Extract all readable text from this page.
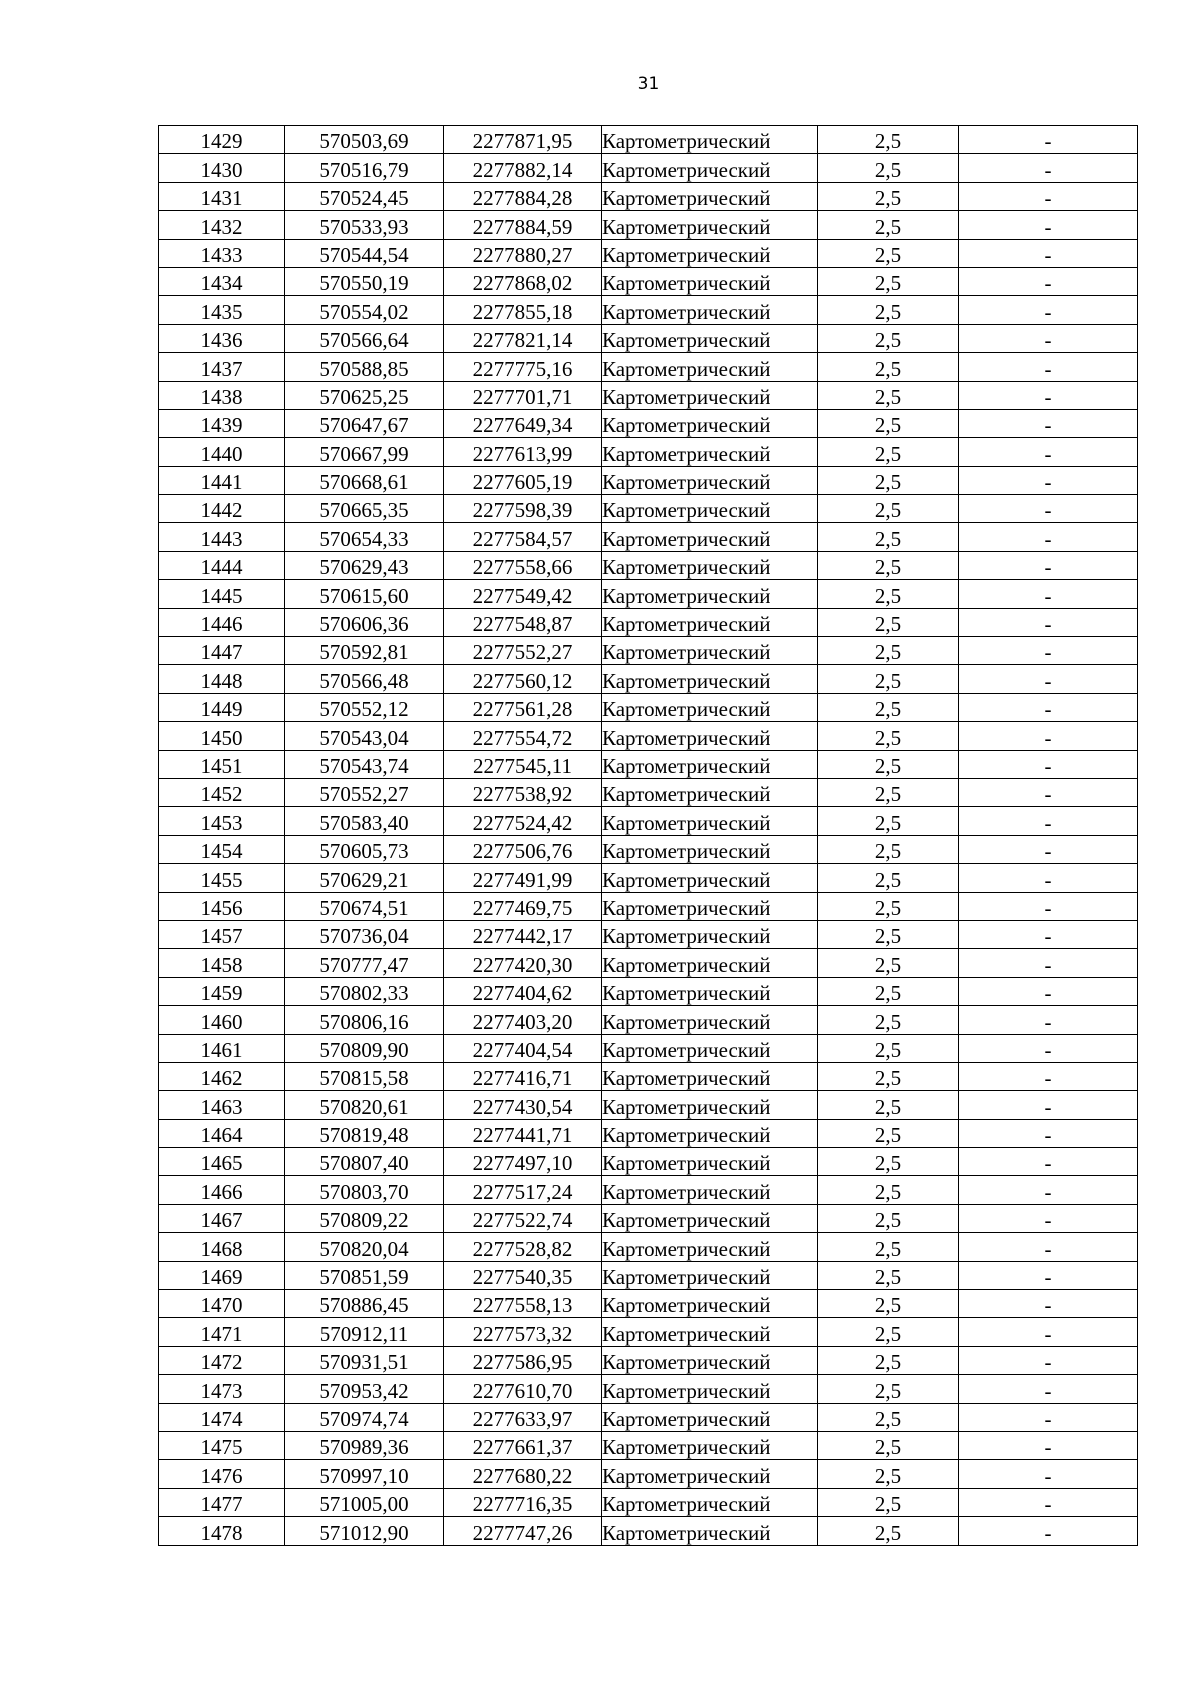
31
1429	570503,69	2277871,95	Картометрический	2,5	-
1430	570516,79	2277882,14	Картометрический	2,5	-
1431	570524,45	2277884,28	Картометрический	2,5	-
1432	570533,93	2277884,59	Картометрический	2,5	-
1433	570544,54	2277880,27	Картометрический	2,5	-
1434	570550,19	2277868,02	Картометрический	2,5	-
1435	570554,02	2277855,18	Картометрический	2,5	-
1436	570566,64	2277821,14	Картометрический	2,5	-
1437	570588,85	2277775,16	Картометрический	2,5	-
1438	570625,25	2277701,71	Картометрический	2,5	-
1439	570647,67	2277649,34	Картометрический	2,5	-
1440	570667,99	2277613,99	Картометрический	2,5	-
1441	570668,61	2277605,19	Картометрический	2,5	-
1442	570665,35	2277598,39	Картометрический	2,5	-
1443	570654,33	2277584,57	Картометрический	2,5	-
1444	570629,43	2277558,66	Картометрический	2,5	-
1445	570615,60	2277549,42	Картометрический	2,5	-
1446	570606,36	2277548,87	Картометрический	2,5	-
1447	570592,81	2277552,27	Картометрический	2,5	-
1448	570566,48	2277560,12	Картометрический	2,5	-
1449	570552,12	2277561,28	Картометрический	2,5	-
1450	570543,04	2277554,72	Картометрический	2,5	-
1451	570543,74	2277545,11	Картометрический	2,5	-
1452	570552,27	2277538,92	Картометрический	2,5	-
1453	570583,40	2277524,42	Картометрический	2,5	-
1454	570605,73	2277506,76	Картометрический	2,5	-
1455	570629,21	2277491,99	Картометрический	2,5	-
1456	570674,51	2277469,75	Картометрический	2,5	-
1457	570736,04	2277442,17	Картометрический	2,5	-
1458	570777,47	2277420,30	Картометрический	2,5	-
1459	570802,33	2277404,62	Картометрический	2,5	-
1460	570806,16	2277403,20	Картометрический	2,5	-
1461	570809,90	2277404,54	Картометрический	2,5	-
1462	570815,58	2277416,71	Картометрический	2,5	-
1463	570820,61	2277430,54	Картометрический	2,5	-
1464	570819,48	2277441,71	Картометрический	2,5	-
1465	570807,40	2277497,10	Картометрический	2,5	-
1466	570803,70	2277517,24	Картометрический	2,5	-
1467	570809,22	2277522,74	Картометрический	2,5	-
1468	570820,04	2277528,82	Картометрический	2,5	-
1469	570851,59	2277540,35	Картометрический	2,5	-
1470	570886,45	2277558,13	Картометрический	2,5	-
1471	570912,11	2277573,32	Картометрический	2,5	-
1472	570931,51	2277586,95	Картометрический	2,5	-
1473	570953,42	2277610,70	Картометрический	2,5	-
1474	570974,74	2277633,97	Картометрический	2,5	-
1475	570989,36	2277661,37	Картометрический	2,5	-
1476	570997,10	2277680,22	Картометрический	2,5	-
1477	571005,00	2277716,35	Картометрический	2,5	-
1478	571012,90	2277747,26	Картометрический	2,5	-
